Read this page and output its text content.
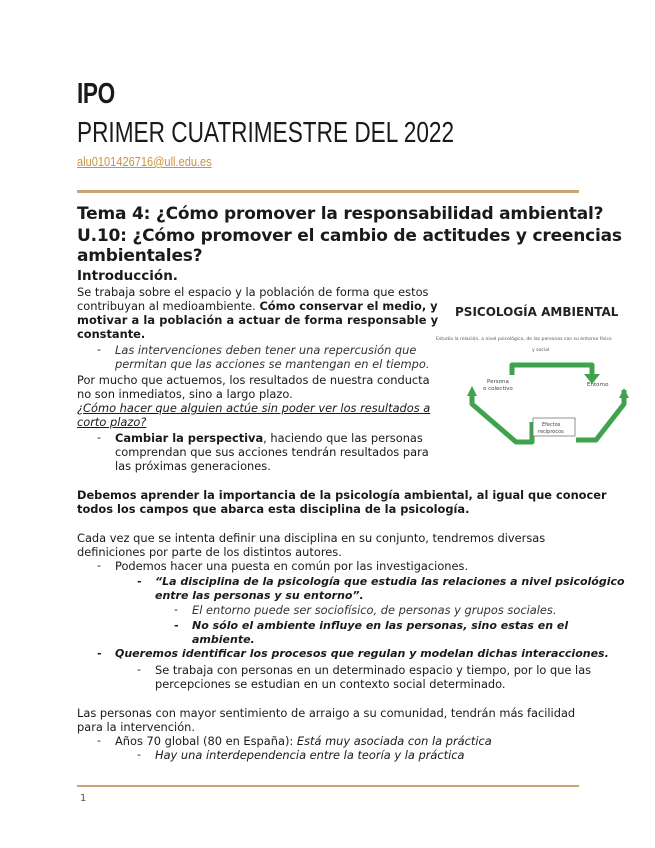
IPO
PRIMER CUATRIMESTRE DEL 2022
alu0101426716@ull.edu.es
Tema 4: ¿Cómo promover la responsabilidad ambiental?
U.10: ¿Cómo promover el cambio de actitudes y creencias
ambientales?
Introducción.
Se trabaja sobre el espacio y la población de forma que estos
contribuyan al medioambiente. Cómo conservar el medio, y
motivar a la población a actuar de forma responsable y
constante.
- Las intervenciones deben tener una repercusión que
permitan que las acciones se mantengan en el tiempo.
Por mucho que actuemos, los resultados de nuestra conducta
no son inmediatos, sino a largo plazo.
¿Cómo hacer que alguien actúe sin poder ver los resultados a
corto plazo?
- Cambiar la perspectiva, haciendo que las personas
comprendan que sus acciones tendrán resultados para
las próximas generaciones.
PSICOLOGÍA AMBIENTAL
Estudia la relación, a nivel psicológico, de las personas con su entorno físico
y social
Persona
o colectivo
Entorno
Efectos
recíprocos
Debemos aprender la importancia de la psicología ambiental, al igual que conocer
todos los campos que abarca esta disciplina de la psicología.
Cada vez que se intenta definir una disciplina en su conjunto, tendremos diversas
definiciones por parte de los distintos autores.
- Podemos hacer una puesta en común por las investigaciones.
- “La disciplina de la psicología que estudia las relaciones a nivel psicológico
entre las personas y su entorno”.
- El entorno puede ser sociofísico, de personas y grupos sociales.
- No sólo el ambiente influye en las personas, sino estas en el
ambiente.
- Queremos identificar los procesos que regulan y modelan dichas interacciones.
- Se trabaja con personas en un determinado espacio y tiempo, por lo que las
percepciones se estudian en un contexto social determinado.
Las personas con mayor sentimiento de arraigo a su comunidad, tendrán más facilidad
para la intervención.
- Años 70 global (80 en España): Está muy asociada con la práctica
- Hay una interdependencia entre la teoría y la práctica
1
